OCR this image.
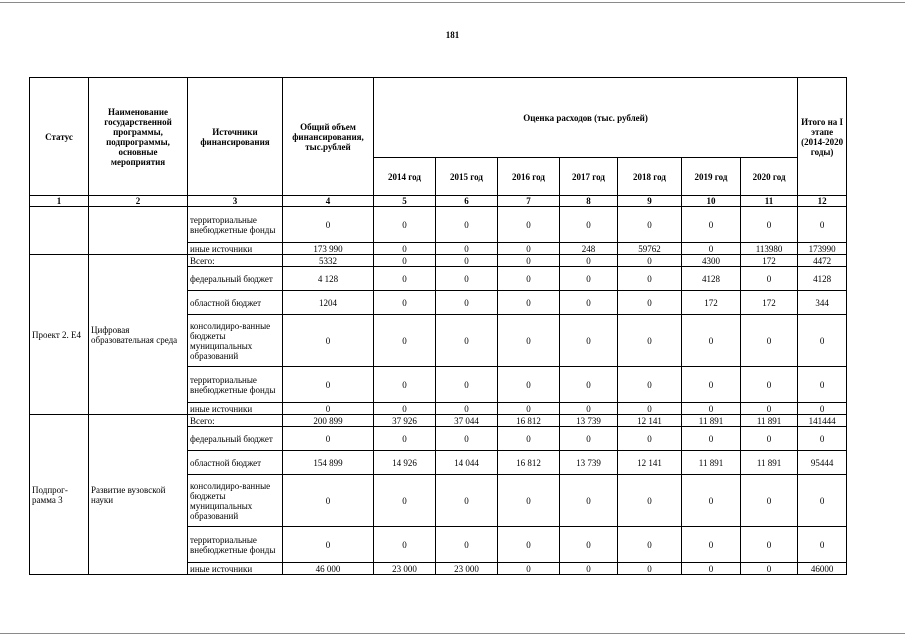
181
Статус	Наименование государственной программы, подпрограммы, основные мероприятия	Источники финансирования	Общий объем финансирования, тыс.рублей	Оценка расходов (тыс. рублей)							Итого на I этапе (2014-2020 годы)
				2014 год	2015 год	2016 год	2017 год	2018 год	2019 год	2020 год	
1	2	3	4	5	6	7	8	9	10	11	12
		территориальные внебюджетные фонды	0	0	0	0	0	0	0	0	0
		иные источники	173 990	0	0	0	248	59762	0	113980	173990
Проект 2. Е4	Цифровая образовательная среда	Всего:	5332	0	0	0	0	0	4300	172	4472
		федеральный бюджет	4 128	0	0	0	0	0	4128	0	4128
		областной бюджет	1204	0	0	0	0	0	172	172	344
		консолидиро-ванные бюджеты муниципальных образований	0	0	0	0	0	0	0	0	0
		территориальные внебюджетные фонды	0	0	0	0	0	0	0	0	0
		иные источники	0	0	0	0	0	0	0	0	0
Подпрог-рамма 3	Развитие вузовской науки	Всего:	200 899	37 926	37 044	16 812	13 739	12 141	11 891	11 891	141444
		федеральный бюджет	0	0	0	0	0	0	0	0	0
		областной бюджет	154 899	14 926	14 044	16 812	13 739	12 141	11 891	11 891	95444
		консолидиро-ванные бюджеты муниципальных образований	0	0	0	0	0	0	0	0	0
		территориальные внебюджетные фонды	0	0	0	0	0	0	0	0	0
		иные источники	46 000	23 000	23 000	0	0	0	0	0	46000
